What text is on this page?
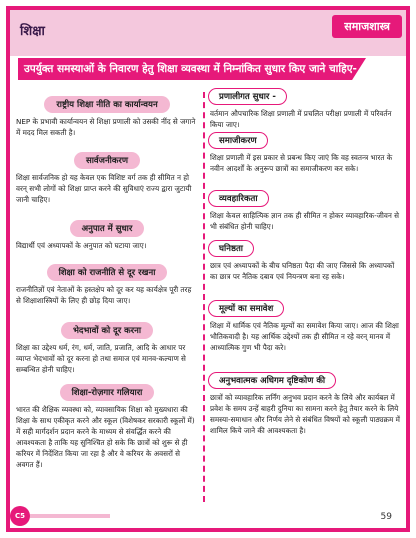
शिक्षा	समाजशास्त्र
उपर्युक्त समस्याओं के निवारण हेतु शिक्षा व्यवस्था में निम्नांकित सुधार किए जाने चाहिए-
राष्ट्रीय शिक्षा नीति का कार्यान्वयन
NEP के प्रभावी कार्यान्वयन से शिक्षा प्रणाली को उसकी नींद से जगाने में मदद मिल सकती है।
सार्वजनीकरण
शिक्षा सार्वजनिक हो यह केवल एक विशिष्ट वर्ग तक ही सीमित न हो वरन् सभी लोगों को शिक्षा प्राप्त करने की सुविधाएं राज्य द्वारा जुटायी जानी चाहिए।
अनुपात में सुधार
विद्यार्थी एवं अध्यापकों के अनुपात को घटाया जाए।
शिक्षा को राजनीति से दूर रखना
राजनीतिज्ञों एवं नेताओं के हस्तक्षेप को दूर कर यह कार्यक्षेत्र पूरी तरह से शिक्षाशास्त्रियों के लिए ही छोड़ दिया जाए।
भेदभावों को दूर करना
शिक्षा का उद्देश्य धर्म, रंग, धर्म, जाति, प्रजाति, आदि के आधार पर व्याप्त भेदभावों को दूर करना हो तथा समाज एवं मानव-कल्याण से सम्बन्धित होनी चाहिए।
शिक्षा-रोज़गार गलियारा
भारत की शैक्षिक व्यवस्था को, व्यावसायिक शिक्षा को मुख्यधारा की शिक्षा के साथ एकीकृत करने और स्कूल (विशेषकर सरकारी स्कूलों में) में सही मार्गदर्शन प्रदान करने के माध्यम से संवर्द्धित करने की आवश्यकता है ताकि यह सुनिश्चित हो सके कि छात्रों को शुरू से ही करियर में निर्देशित किया जा रहा है और वे करियर के अवसरों से अवगत हैं।
प्रणालीगत सुधार -
वर्तमान औपचारिक शिक्षा प्रणाली में प्रचलित परीक्षा प्रणाली में परिवर्तन किया जाए।
समाजीकरण
शिक्षा प्रणाली में इस प्रकार से प्रबन्ध किए जाएं कि वह स्वतन्त्र भारत के नवीन आदर्शों के अनुरूप छात्रों का समाजीकरण कर सके।
व्यवहारिकता
शिक्षा केवल साहित्यिक ज्ञान तक ही सीमित न होकर व्यावहारिक-जीवन से भी संबंधित होनी चाहिए।
घनिष्ठता
छात्र एवं अध्यापकों के बीच घनिष्ठता पैदा की जाए जिससे कि अध्यापकों का छात्र पर नैतिक दबाव एवं नियन्त्रण बना रह सके।
मूल्यों का समावेश
शिक्षा में धार्मिक एवं नैतिक मूल्यों का समावेश किया जाए। आज की शिक्षा भौतिकवादी है। यह आर्थिक उद्देश्यों तक ही सीमित न रहे वरन् मानव में आध्यात्मिक गुण भी पैदा करे।
अनुभवात्मक अधिगम दृष्टिकोण की
छात्रों को व्यावहारिक लर्निंग अनुभव प्रदान करने के लिये और कार्यबल में प्रवेश के समय उन्हें बाहरी दुनिया का सामना करने हेतु तैयार करने के लिये समस्या-समाधान और निर्णय लेने से संबंधित विषयों को स्कूली पाठ्यक्रम में शामिल किये जाने की आवश्यकता है।
C5	59
